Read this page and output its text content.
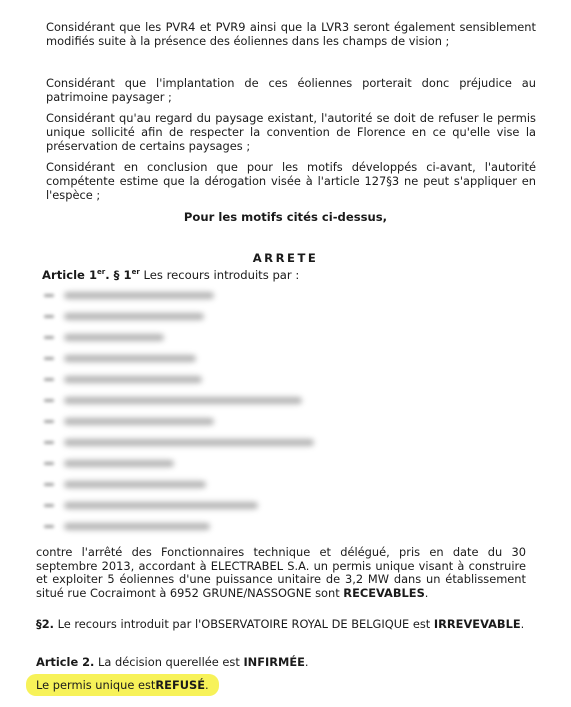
Considérant que les PVR4 et PVR9 ainsi que la LVR3 seront également sensiblement modifiés suite à la présence des éoliennes dans les champs de vision ;
Considérant que l'implantation de ces éoliennes porterait donc préjudice au patrimoine paysager ;
Considérant qu'au regard du paysage existant, l'autorité se doit de refuser le permis unique sollicité afin de respecter la convention de Florence en ce qu'elle vise la préservation de certains paysages ;
Considérant en conclusion que pour les motifs développés ci-avant, l'autorité compétente estime que la dérogation visée à l'article 127§3 ne peut s'appliquer en l'espèce ;
Pour les motifs cités ci-dessus,
ARRETE
Article 1er. § 1er Les recours introduits par :
contre l'arrêté des Fonctionnaires technique et délégué, pris en date du 30 septembre 2013, accordant à ELECTRABEL S.A. un permis unique visant à construire et exploiter 5 éoliennes d'une puissance unitaire de 3,2 MW dans un établissement situé rue Cocraimont à 6952 GRUNE/NASSOGNE sont RECEVABLES.
§2. Le recours introduit par l'OBSERVATOIRE ROYAL DE BELGIQUE est IRREVEVABLE.
Article 2. La décision querellée est INFIRMÉE.
Le permis unique est REFUSÉ .
